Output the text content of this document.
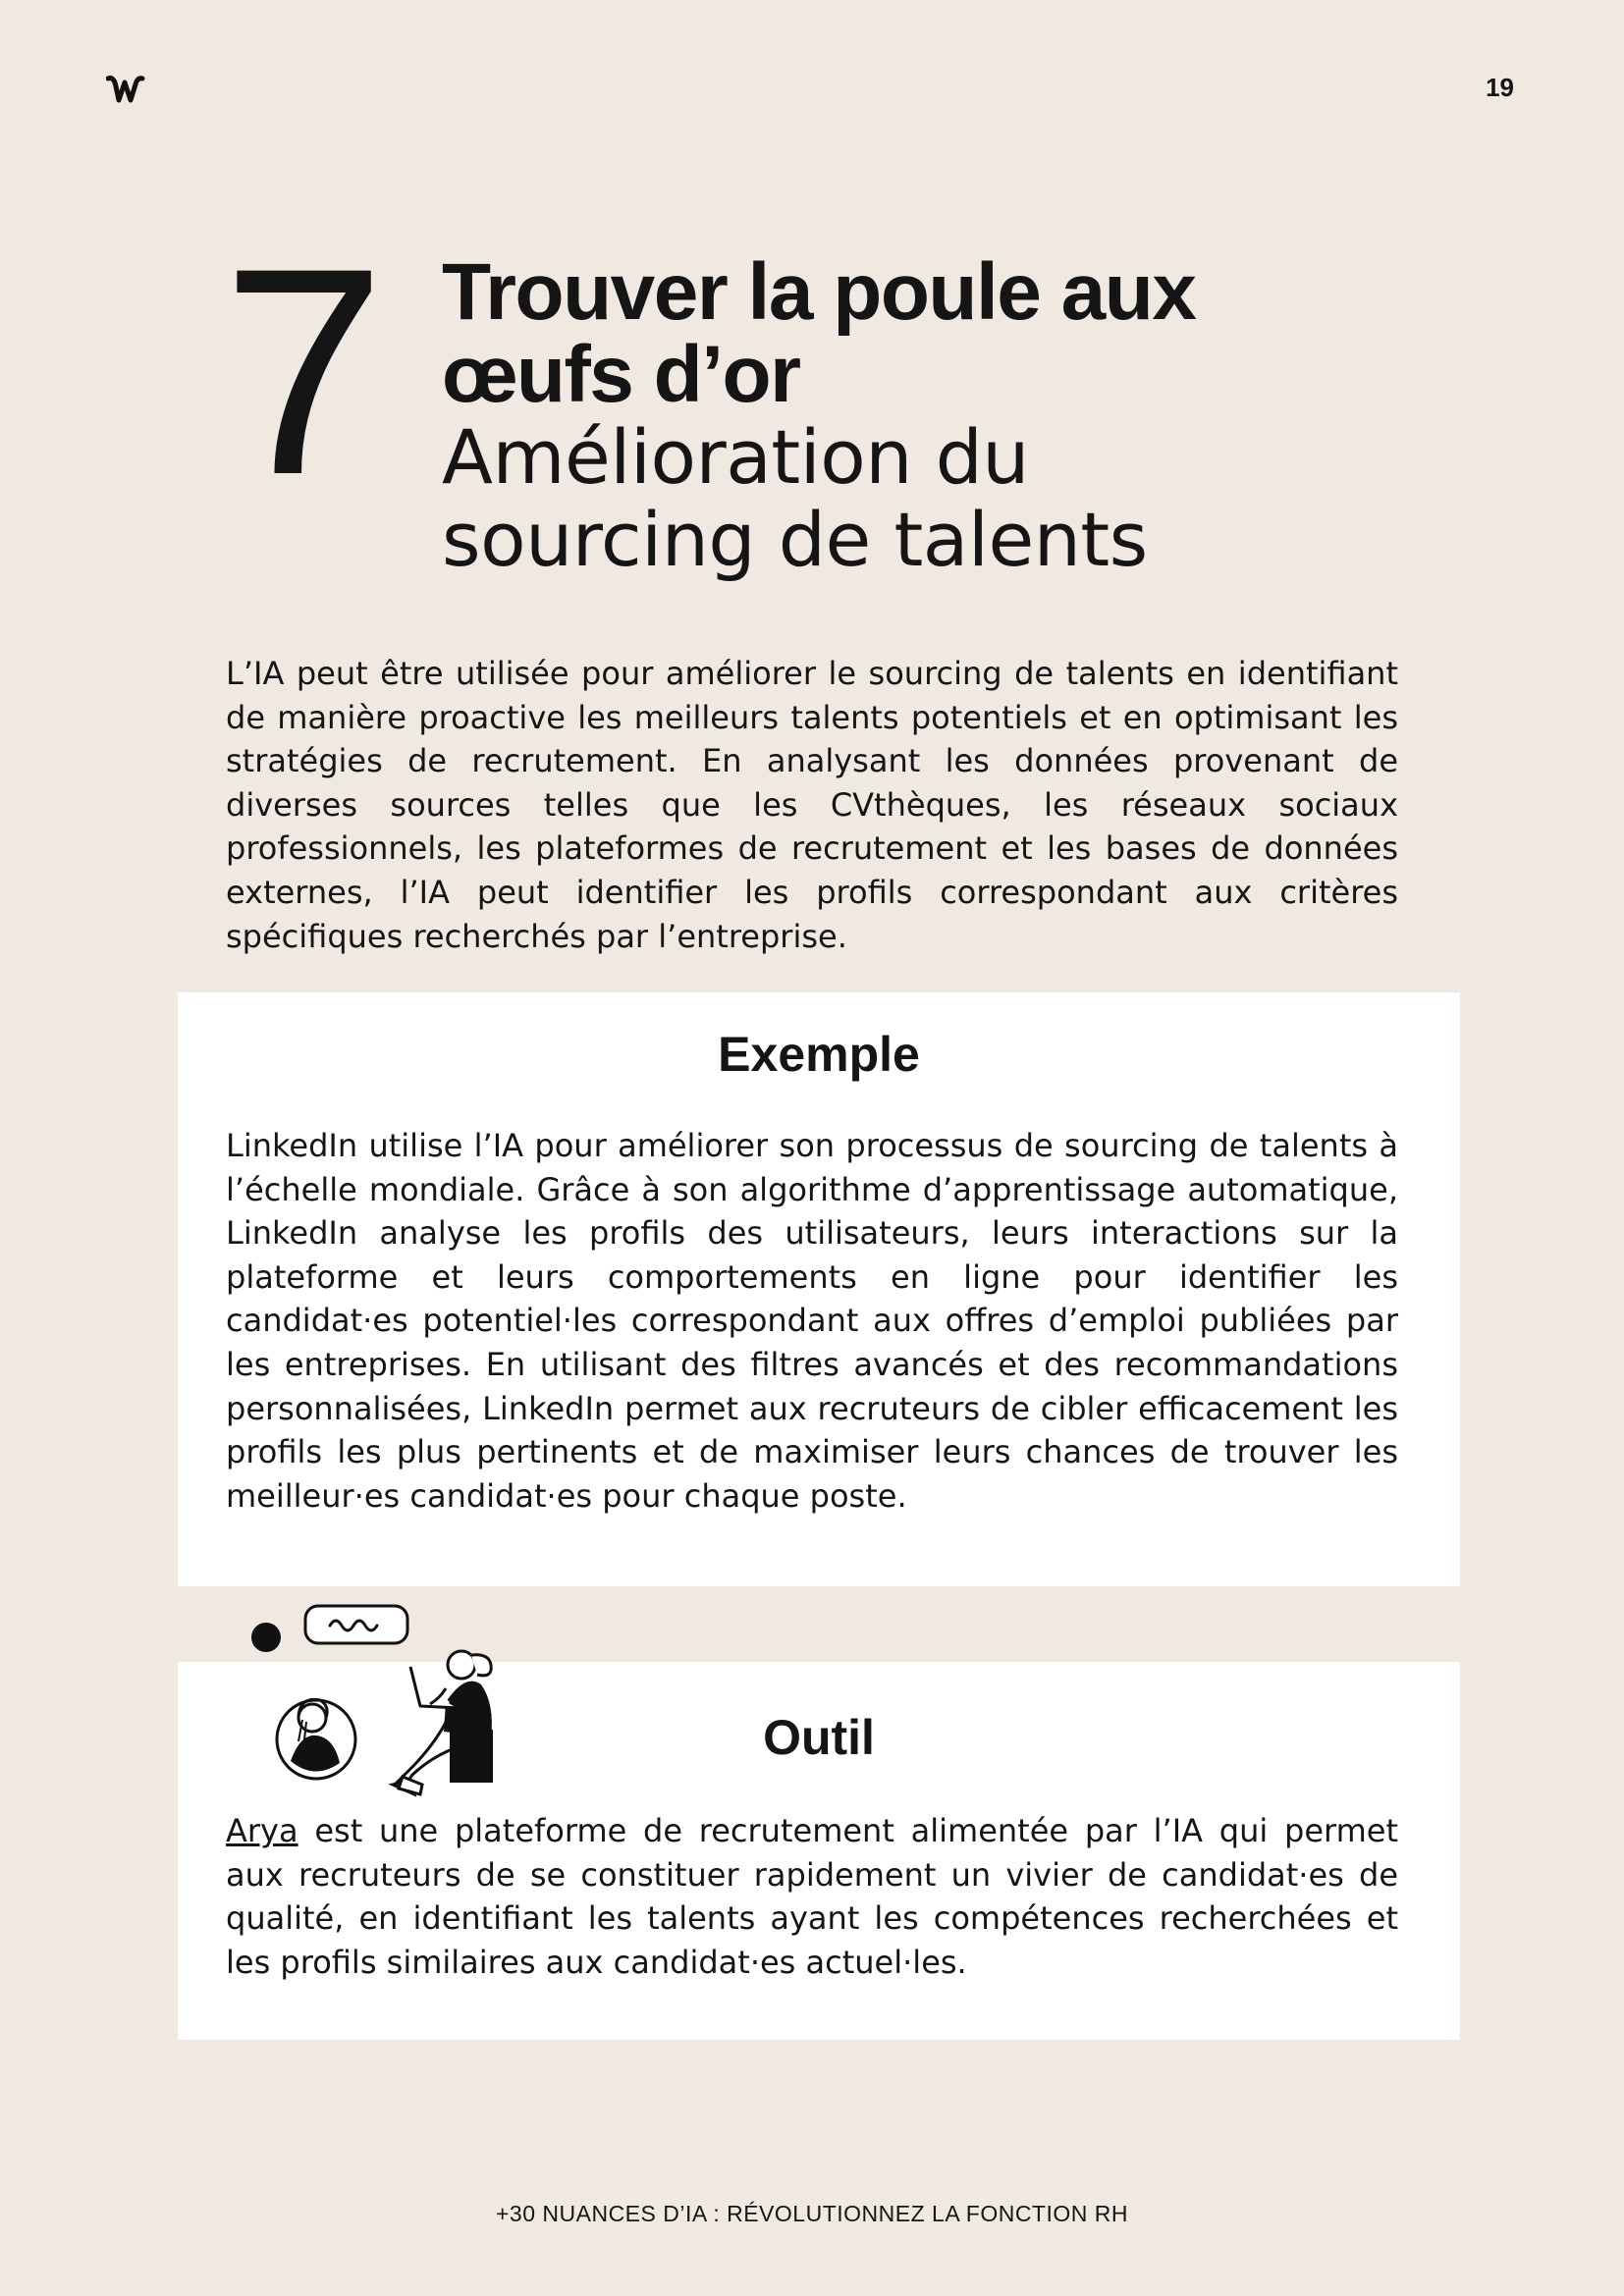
19
7 Trouver la poule aux

œufs d’or

Amélioration du

sourcing de talents

L’IA peut être utilisée pour améliorer le sourcing de talents en identifiant de manière proactive les meilleurs talents potentiels et en optimisant les stratégies de recrutement. En analysant les données provenant de diverses sources telles que les CVthèques, les réseaux sociaux professionnels, les plateformes de recrutement et les bases de données externes, l’IA peut identifier les profils correspondant aux critères spécifiques recherchés par l’entreprise.

Exemple

LinkedIn utilise l’IA pour améliorer son processus de sourcing de talents à l’échelle mondiale. Grâce à son algorithme d’apprentissage automatique, LinkedIn analyse les profils des utilisateurs, leurs interactions sur la plateforme et leurs comportements en ligne pour identifier les candidat·es potentiel·les correspondant aux offres d’emploi publiées par les entreprises. En utilisant des filtres avancés et des recommandations personnalisées, LinkedIn permet aux recruteurs de cibler efficacement les profils les plus pertinents et de maximiser leurs chances de trouver les meilleur·es candidat·es pour chaque poste.

Outil

Arya est une plateforme de recrutement alimentée par l’IA qui permet aux recruteurs de se constituer rapidement un vivier de candidat·es de qualité, en identifiant les talents ayant les compétences recherchées et les profils similaires aux candidat·es actuel·les.

+30 NUANCES D’IA : RÉVOLUTIONNEZ LA FONCTION RH
